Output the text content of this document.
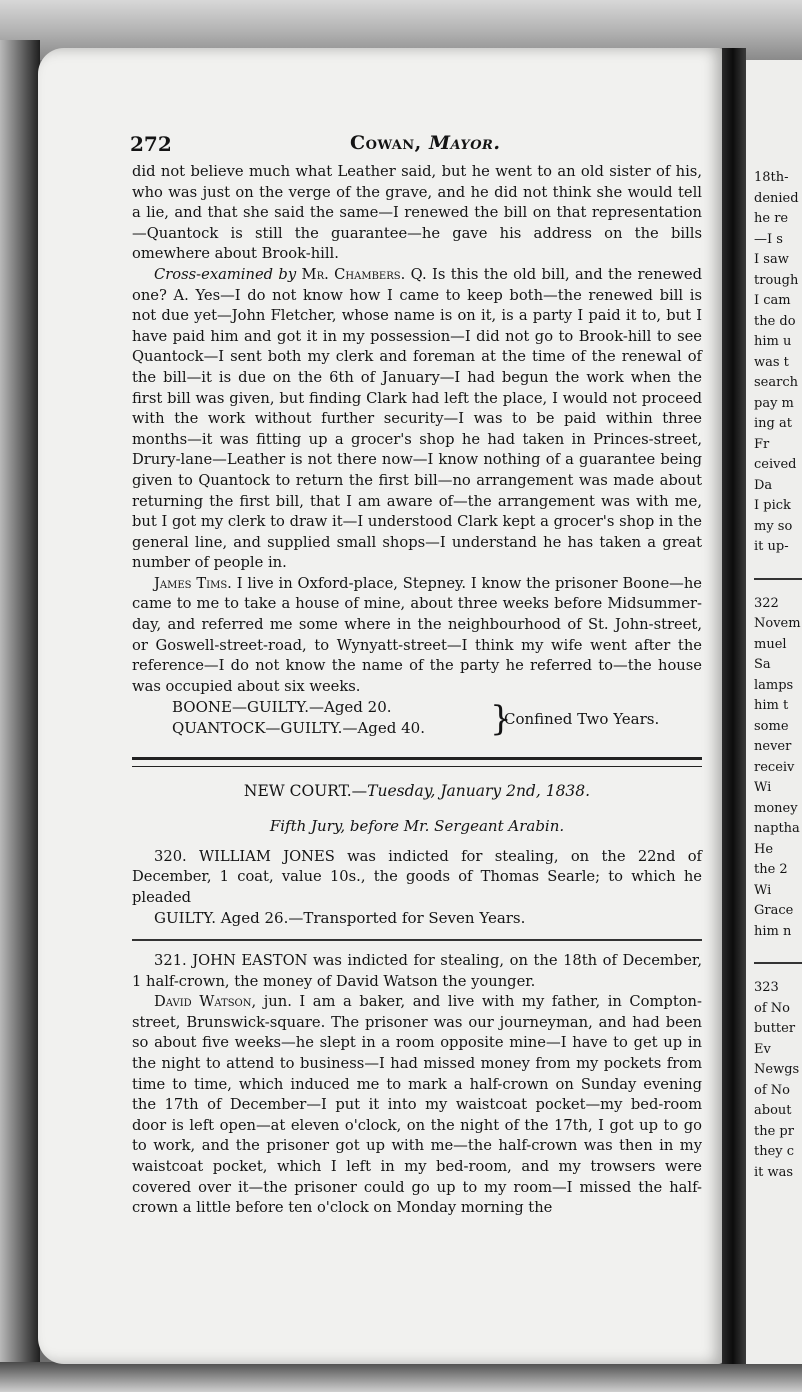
272	Cowan, Mayor.

did not believe much what Leather said, but he went to an old sister of his, who was just on the verge of the grave, and he did not think she would tell a lie, and that she said the same—I renewed the bill on that representation—Quantock is still the guarantee—he gave his address on the bills omewhere about Brook-hill.

Cross-examined by Mr. Chambers. Q. Is this the old bill, and the renewed one? A. Yes—I do not know how I came to keep both—the renewed bill is not due yet—John Fletcher, whose name is on it, is a party I paid it to, but I have paid him and got it in my possession—I did not go to Brook-hill to see Quantock—I sent both my clerk and foreman at the time of the renewal of the bill—it is due on the 6th of January—I had begun the work when the first bill was given, but finding Clark had left the place, I would not proceed with the work without further security—I was to be paid within three months—it was fitting up a grocer's shop he had taken in Princes-street, Drury-lane—Leather is not there now—I know nothing of a guarantee being given to Quantock to return the first bill—no arrangement was made about returning the first bill, that I am aware of—the arrangement was with me, but I got my clerk to draw it—I understood Clark kept a grocer's shop in the general line, and supplied small shops—I understand he has taken a great number of people in.

James Tims. I live in Oxford-place, Stepney. I know the prisoner Boone—he came to me to take a house of mine, about three weeks before Midsummer-day, and referred me some where in the neighbourhood of St. John-street, or Goswell-street-road, to Wynyatt-street—I think my wife went after the reference—I do not know the name of the party he referred to—the house was occupied about six weeks.

BOONE—GUILTY.—Aged 20.
QUANTOCK—GUILTY.—Aged 40. }
Confined Two Years.
NEW COURT.—Tuesday, January 2nd, 1838.
Fifth Jury, before Mr. Sergeant Arabin.

320. WILLIAM JONES was indicted for stealing, on the 22nd of December, 1 coat, value 10s., the goods of Thomas Searle; to which he pleaded

GUILTY. Aged 26.—Transported for Seven Years.

321. JOHN EASTON was indicted for stealing, on the 18th of December, 1 half-crown, the money of David Watson the younger.

David Watson, jun. I am a baker, and live with my father, in Compton-street, Brunswick-square. The prisoner was our journeyman, and had been so about five weeks—he slept in a room opposite mine—I have to get up in the night to attend to business—I had missed money from my pockets from time to time, which induced me to mark a half-crown on Sunday evening the 17th of December—I put it into my waistcoat pocket—my bed-room door is left open—at eleven o'clock, on the night of the 17th, I got up to go to work, and the prisoner got up with me—the half-crown was then in my waistcoat pocket, which I left in my bed-room, and my trowsers were covered over it—the prisoner could go up to my room—I missed the half-crown a little before ten o'clock on Monday morning the

18th-
denied
he re
—I s
I saw
trough
I cam
the do
him u
was t
search
pay m
ing at
Fr
ceived
Da
I pick
my so
it up-
322
Novem
muel
Sa
lamps
him t
some
never
receiv
Wi
money
naptha
He
the 2
Wi
Grace
him n
323
of No
butter
Ev
Newgs
of No
about
the pr
they c
it was
